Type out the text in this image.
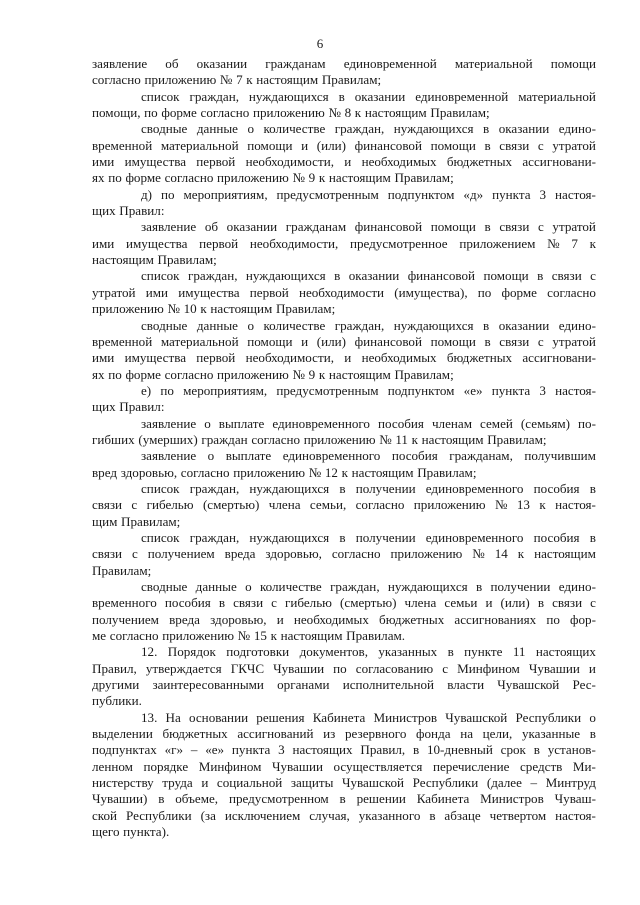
6
заявление об оказании гражданам единовременной материальной помощи
согласно приложению № 7 к настоящим Правилам;
список граждан, нуждающихся в оказании единовременной материальной
помощи, по форме согласно приложению № 8 к настоящим Правилам;
сводные данные о количестве граждан, нуждающихся в оказании едино-
временной материальной помощи и (или) финансовой помощи в связи с утратой
ими имущества первой необходимости, и необходимых бюджетных ассигновани-
ях по форме согласно приложению № 9 к настоящим Правилам;
д) по мероприятиям, предусмотренным подпунктом «д» пункта 3 настоя-
щих Правил:
заявление об оказании гражданам финансовой помощи в связи с утратой
ими имущества первой необходимости, предусмотренное приложением № 7 к
настоящим Правилам;
список граждан, нуждающихся в оказании финансовой помощи в связи с
утратой ими имущества первой необходимости (имущества), по форме согласно
приложению № 10 к настоящим Правилам;
сводные данные о количестве граждан, нуждающихся в оказании едино-
временной материальной помощи и (или) финансовой помощи в связи с утратой
ими имущества первой необходимости, и необходимых бюджетных ассигновани-
ях по форме согласно приложению № 9 к настоящим Правилам;
е) по мероприятиям, предусмотренным подпунктом «е» пункта 3 настоя-
щих Правил:
заявление о выплате единовременного пособия членам семей (семьям) по-
гибших (умерших) граждан согласно приложению № 11 к настоящим Правилам;
заявление о выплате единовременного пособия гражданам, получившим
вред здоровью, согласно приложению № 12 к настоящим Правилам;
список граждан, нуждающихся в получении единовременного пособия в
связи с гибелью (смертью) члена семьи, согласно приложению № 13 к настоя-
щим Правилам;
список граждан, нуждающихся в получении единовременного пособия в
связи с получением вреда здоровью, согласно приложению № 14 к настоящим
Правилам;
сводные данные о количестве граждан, нуждающихся в получении едино-
временного пособия в связи с гибелью (смертью) члена семьи и (или) в связи с
получением вреда здоровью, и необходимых бюджетных ассигнованиях по фор-
ме согласно приложению № 15 к настоящим Правилам.
12. Порядок подготовки документов, указанных в пункте 11 настоящих
Правил, утверждается ГКЧС Чувашии по согласованию с Минфином Чувашии и
другими заинтересованными органами исполнительной власти Чувашской Рес-
публики.
13. На основании решения Кабинета Министров Чувашской Республики о
выделении бюджетных ассигнований из резервного фонда на цели, указанные в
подпунктах «г» – «е» пункта 3 настоящих Правил, в 10-дневный срок в установ-
ленном порядке Минфином Чувашии осуществляется перечисление средств Ми-
нистерству труда и социальной защиты Чувашской Республики (далее – Минтруд
Чувашии) в объеме, предусмотренном в решении Кабинета Министров Чуваш-
ской Республики (за исключением случая, указанного в абзаце четвертом настоя-
щего пункта).
